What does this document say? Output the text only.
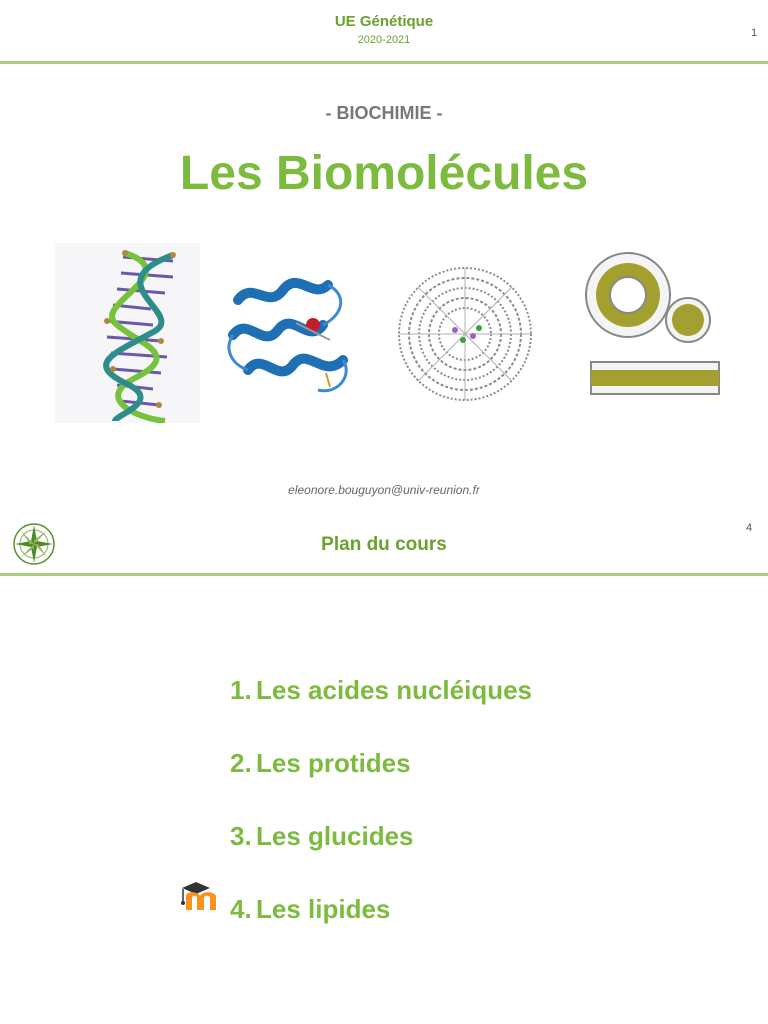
UE Génétique
2020-2021
1
- BIOCHIMIE -
Les Biomolécules
eleonore.bouguyon@univ-reunion.fr
4
Plan du cours
1. Les acides nucléiques
2. Les protides
3. Les glucides
4. Les lipides
